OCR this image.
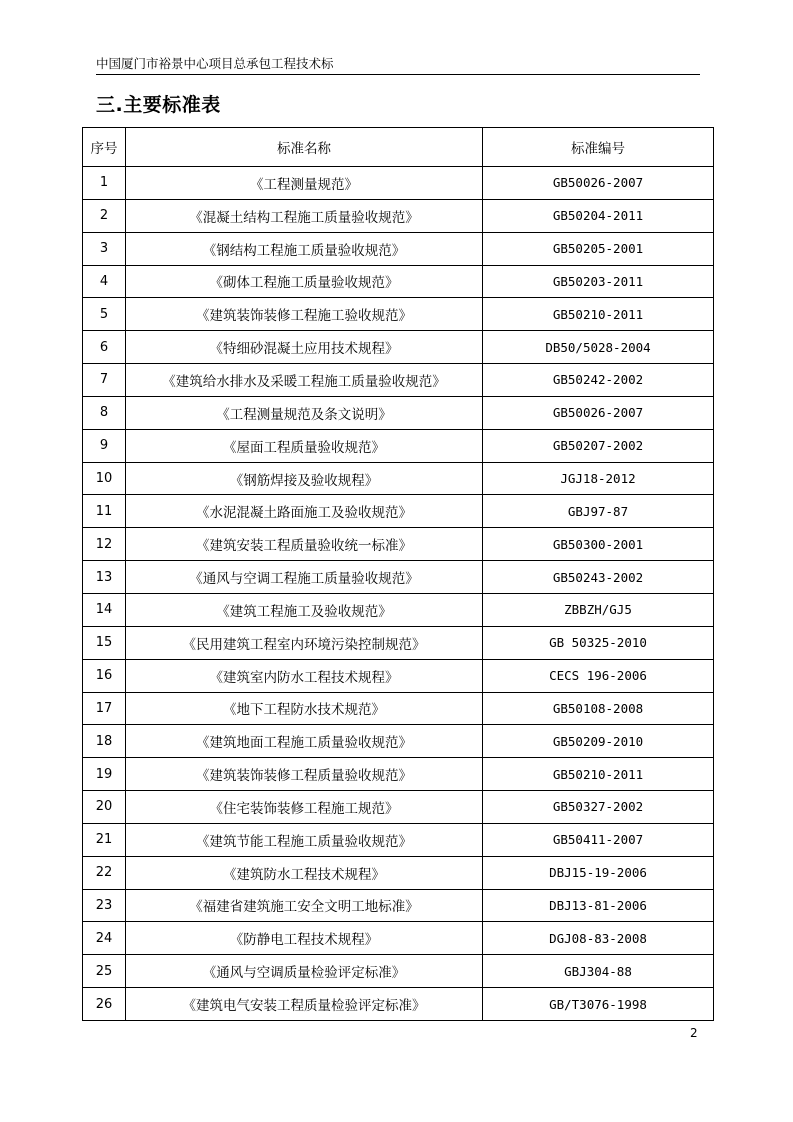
中国厦门市裕景中心项目总承包工程技术标
三.主要标准表
序号	标准名称	标准编号
1	《工程测量规范》	GB50026-2007
2	《混凝土结构工程施工质量验收规范》	GB50204-2011
3	《钢结构工程施工质量验收规范》	GB50205-2001
4	《砌体工程施工质量验收规范》	GB50203-2011
5	《建筑装饰装修工程施工验收规范》	GB50210-2011
6	《特细砂混凝土应用技术规程》	DB50/5028-2004
7	《建筑给水排水及采暖工程施工质量验收规范》	GB50242-2002
8	《工程测量规范及条文说明》	GB50026-2007
9	《屋面工程质量验收规范》	GB50207-2002
10	《钢筋焊接及验收规程》	JGJ18-2012
11	《水泥混凝土路面施工及验收规范》	GBJ97-87
12	《建筑安装工程质量验收统一标准》	GB50300-2001
13	《通风与空调工程施工质量验收规范》	GB50243-2002
14	《建筑工程施工及验收规范》	ZBBZH/GJ5
15	《民用建筑工程室内环境污染控制规范》	GB 50325-2010
16	《建筑室内防水工程技术规程》	CECS 196-2006
17	《地下工程防水技术规范》	GB50108-2008
18	《建筑地面工程施工质量验收规范》	GB50209-2010
19	《建筑装饰装修工程质量验收规范》	GB50210-2011
20	《住宅装饰装修工程施工规范》	GB50327-2002
21	《建筑节能工程施工质量验收规范》	GB50411-2007
22	《建筑防水工程技术规程》	DBJ15-19-2006
23	《福建省建筑施工安全文明工地标准》	DBJ13-81-2006
24	《防静电工程技术规程》	DGJ08-83-2008
25	《通风与空调质量检验评定标准》	GBJ304-88
26	《建筑电气安装工程质量检验评定标准》	GB/T3076-1998
2
